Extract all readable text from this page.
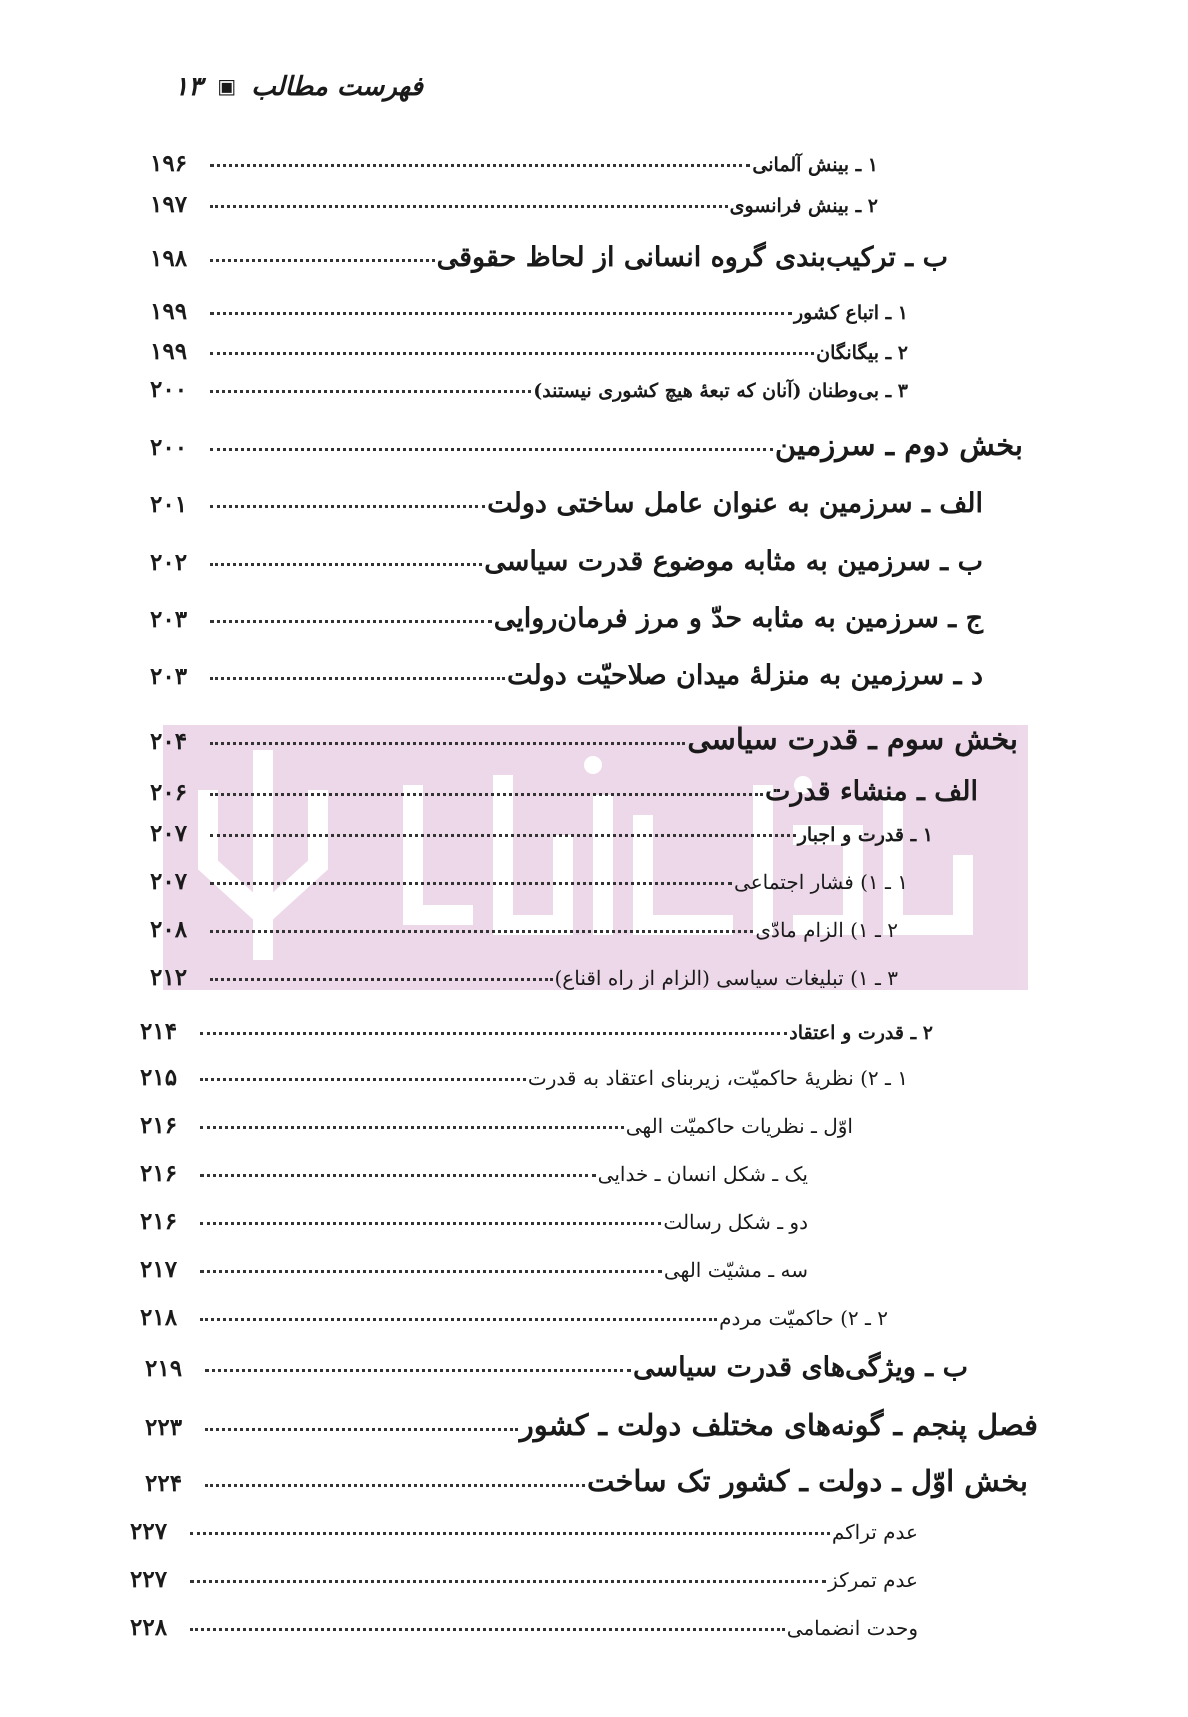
فهرست مطالب ▣ ۱۳
۱ ـ بینش آلمانی
۱۹۶
۲ ـ بینش فرانسوی
۱۹۷
ب ـ ترکیب‌بندی گروه انسانی از لحاظ حقوقی
۱۹۸
۱ ـ اتباع کشور
۱۹۹
۲ ـ بیگانگان
۱۹۹
۳ ـ بی‌وطنان (آنان که تبعهٔ هیچ کشوری نیستند)
۲۰۰
بخش دوم ـ سرزمین
۲۰۰
الف ـ سرزمین به عنوان عامل ساختی دولت
۲۰۱
ب ـ سرزمین به مثابه موضوع قدرت سیاسی
۲۰۲
ج ـ سرزمین به مثابه حدّ و مرز فرمان‌روایی
۲۰۳
د ـ سرزمین به منزلهٔ میدان صلاحیّت دولت
۲۰۳
بخش سوم ـ قدرت سیاسی
۲۰۴
الف ـ منشاء قدرت
۲۰۶
۱ ـ قدرت و اجبار
۲۰۷
۱ ـ ۱) فشار اجتماعی
۲۰۷
۲ ـ ۱) الزام مادّی
۲۰۸
۳ ـ ۱) تبلیغات سیاسی (الزام از راه اقناع)
۲۱۲
۲ ـ قدرت و اعتقاد
۲۱۴
۱ ـ ۲) نظریهٔ حاکمیّت، زیربنای اعتقاد به قدرت
۲۱۵
اوّل ـ نظریات حاکمیّت الهی
۲۱۶
یک ـ شکل انسان ـ خدایی
۲۱۶
دو ـ شکل رسالت
۲۱۶
سه ـ مشیّت الهی
۲۱۷
۲ ـ ۲) حاکمیّت مردم
۲۱۸
ب ـ ویژگی‌های قدرت سیاسی
۲۱۹
فصل پنجم ـ گونه‌های مختلف دولت ـ کشور
۲۲۳
بخش اوّل ـ دولت ـ کشور تک ساخت
۲۲۴
عدم تراکم
۲۲۷
عدم تمرکز
۲۲۷
وحدت انضمامی
۲۲۸
